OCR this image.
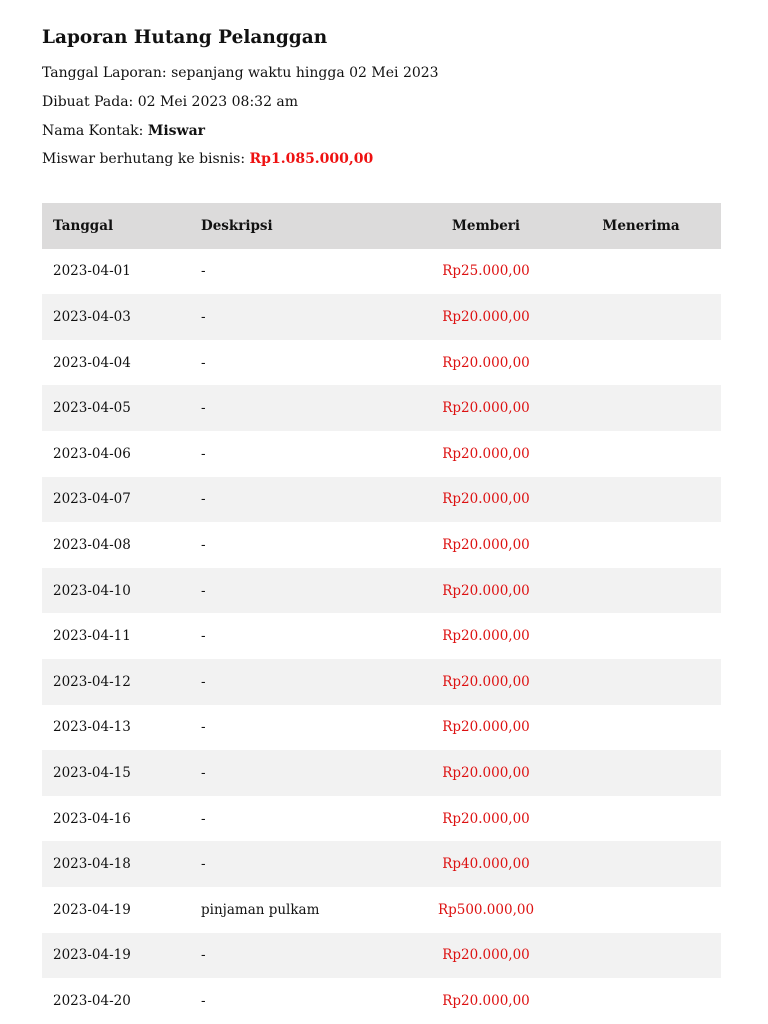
Laporan Hutang Pelanggan
Tanggal Laporan: sepanjang waktu hingga 02 Mei 2023
Dibuat Pada: 02 Mei 2023 08:32 am
Nama Kontak: Miswar
Miswar berhutang ke bisnis: Rp1.085.000,00
Tanggal	Deskripsi	Memberi	Menerima
2023-04-01	-	Rp25.000,00	
2023-04-03	-	Rp20.000,00	
2023-04-04	-	Rp20.000,00	
2023-04-05	-	Rp20.000,00	
2023-04-06	-	Rp20.000,00	
2023-04-07	-	Rp20.000,00	
2023-04-08	-	Rp20.000,00	
2023-04-10	-	Rp20.000,00	
2023-04-11	-	Rp20.000,00	
2023-04-12	-	Rp20.000,00	
2023-04-13	-	Rp20.000,00	
2023-04-15	-	Rp20.000,00	
2023-04-16	-	Rp20.000,00	
2023-04-18	-	Rp40.000,00	
2023-04-19	pinjaman pulkam	Rp500.000,00	
2023-04-19	-	Rp20.000,00	
2023-04-20	-	Rp20.000,00	
